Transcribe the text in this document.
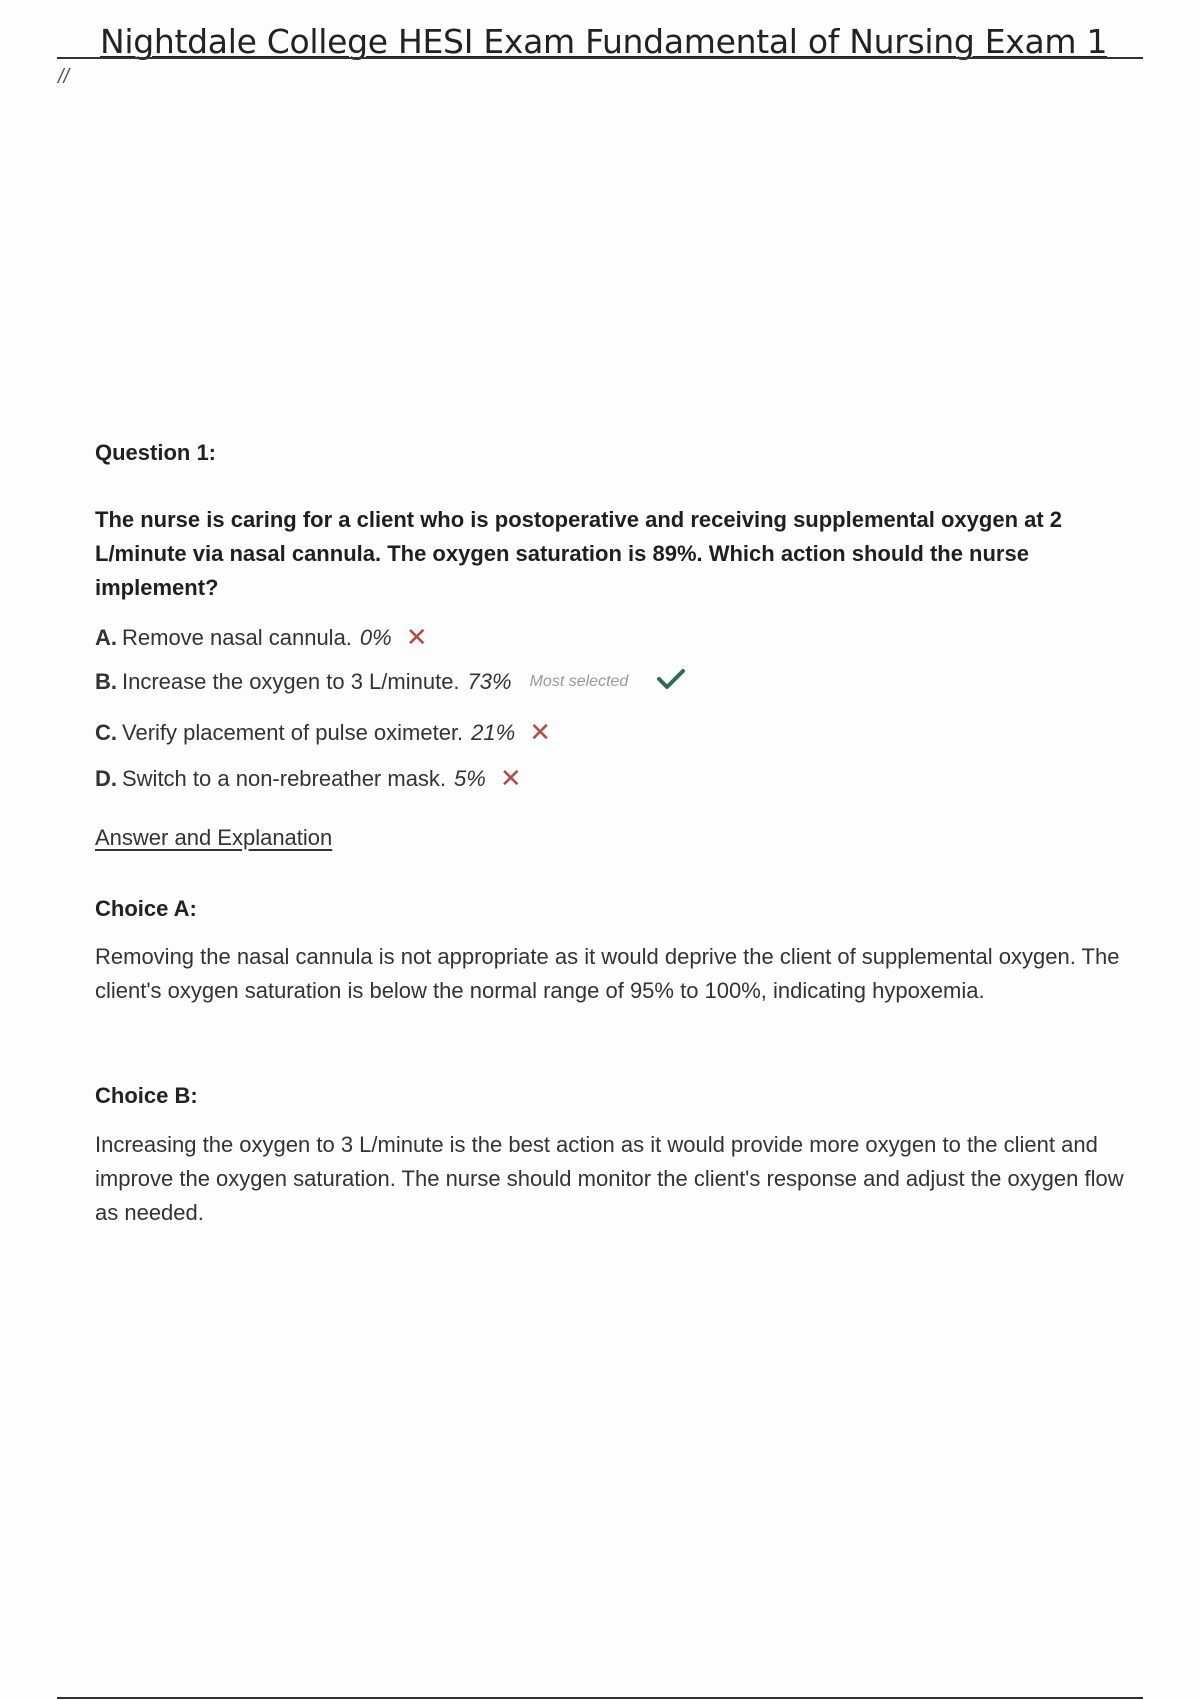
Nightdale College HESI Exam Fundamental of Nursing Exam 1
//
Question 1:
The nurse is caring for a client who is postoperative and receiving supplemental oxygen at 2 L/minute via nasal cannula. The oxygen saturation is 89%. Which action should the nurse implement?
A. Remove nasal cannula. 0% ✕
B. Increase the oxygen to 3 L/minute. 73% Most selected
C. Verify placement of pulse oximeter. 21% ✕
D. Switch to a non-rebreather mask. 5% ✕
Answer and Explanation
Choice A:
Removing the nasal cannula is not appropriate as it would deprive the client of supplemental oxygen. The client's oxygen saturation is below the normal range of 95% to 100%, indicating hypoxemia.
Choice B:
Increasing the oxygen to 3 L/minute is the best action as it would provide more oxygen to the client and improve the oxygen saturation. The nurse should monitor the client's response and adjust the oxygen flow as needed.
